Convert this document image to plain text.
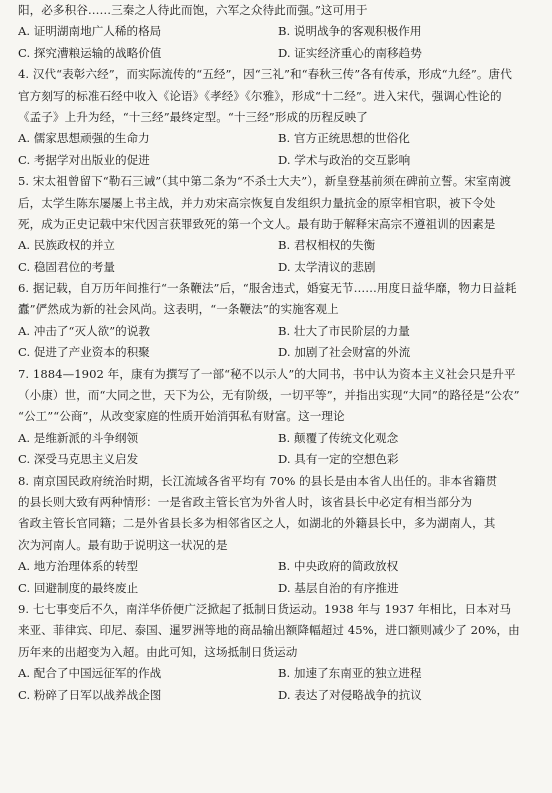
阳，必多积谷……三秦之人待此而饱，六军之众待此而强。”这可用于
A. 证明湖南地广人稀的格局	B. 说明战争的客观积极作用
C. 探究漕粮运输的战略价值	D. 证实经济重心的南移趋势
4. 汉代“表彰六经”，而实际流传的“五经”，因“三礼”和“春秋三传”各有传承，形成“九经”。唐代
官方刻写的标准石经中收入《论语》《孝经》《尔雅》，形成“十二经”。进入宋代，强调心性论的
《孟子》上升为经，“十三经”最终定型。“十三经”形成的历程反映了
A. 儒家思想顽强的生命力	B. 官方正统思想的世俗化
C. 考据学对出版业的促进	D. 学术与政治的交互影响
5. 宋太祖曾留下“勒石三诫”（其中第二条为“不杀士大夫”），新皇登基前须在碑前立誓。宋室南渡
后，太学生陈东屡屡上书主战，并力劝宋高宗恢复自发组织力量抗金的原宰相官职，被下令处
死，成为正史记载中宋代因言获罪致死的第一个文人。最有助于解释宋高宗不遵祖训的因素是
A. 民族政权的并立	B. 君权相权的失衡
C. 稳固君位的考量	D. 太学清议的悲剧
6. 据记载，自万历年间推行“一条鞭法”后，“服舍违式，婚宴无节……用度日益华靡，物力日益耗
蠹”俨然成为新的社会风尚。这表明，“一条鞭法”的实施客观上
A. 冲击了“灭人欲”的说教	B. 壮大了市民阶层的力量
C. 促进了产业资本的积聚	D. 加剧了社会财富的外流
7. 1884—1902 年，康有为撰写了一部“秘不以示人”的大同书，书中认为资本主义社会只是升平
（小康）世，而“大同之世，天下为公，无有阶级，一切平等”，并指出实现“大同”的路径是“公农”
“公工”“公商”，从改变家庭的性质开始消弭私有财富。这一理论
A. 是维新派的斗争纲领	B. 颠覆了传统文化观念
C. 深受马克思主义启发	D. 具有一定的空想色彩
8. 南京国民政府统治时期，长江流域各省平均有 70% 的县长是由本省人出任的。非本省籍贯
的县长则大致有两种情形：一是省政主管长官为外省人时，该省县长中必定有相当部分为
省政主管长官同籍；二是外省县长多为相邻省区之人，如湖北的外籍县长中，多为湖南人，其
次为河南人。最有助于说明这一状况的是
A. 地方治理体系的转型	B. 中央政府的简政放权
C. 回避制度的最终废止	D. 基层自治的有序推进
9. 七七事变后不久，南洋华侨便广泛掀起了抵制日货运动。1938 年与 1937 年相比，日本对马
来亚、菲律宾、印尼、泰国、暹罗洲等地的商品输出额降幅超过 45%，进口额则减少了 20%，由
历年来的出超变为入超。由此可知，这场抵制日货运动
A. 配合了中国远征军的作战	B. 加速了东南亚的独立进程
C. 粉碎了日军以战养战企图	D. 表达了对侵略战争的抗议
